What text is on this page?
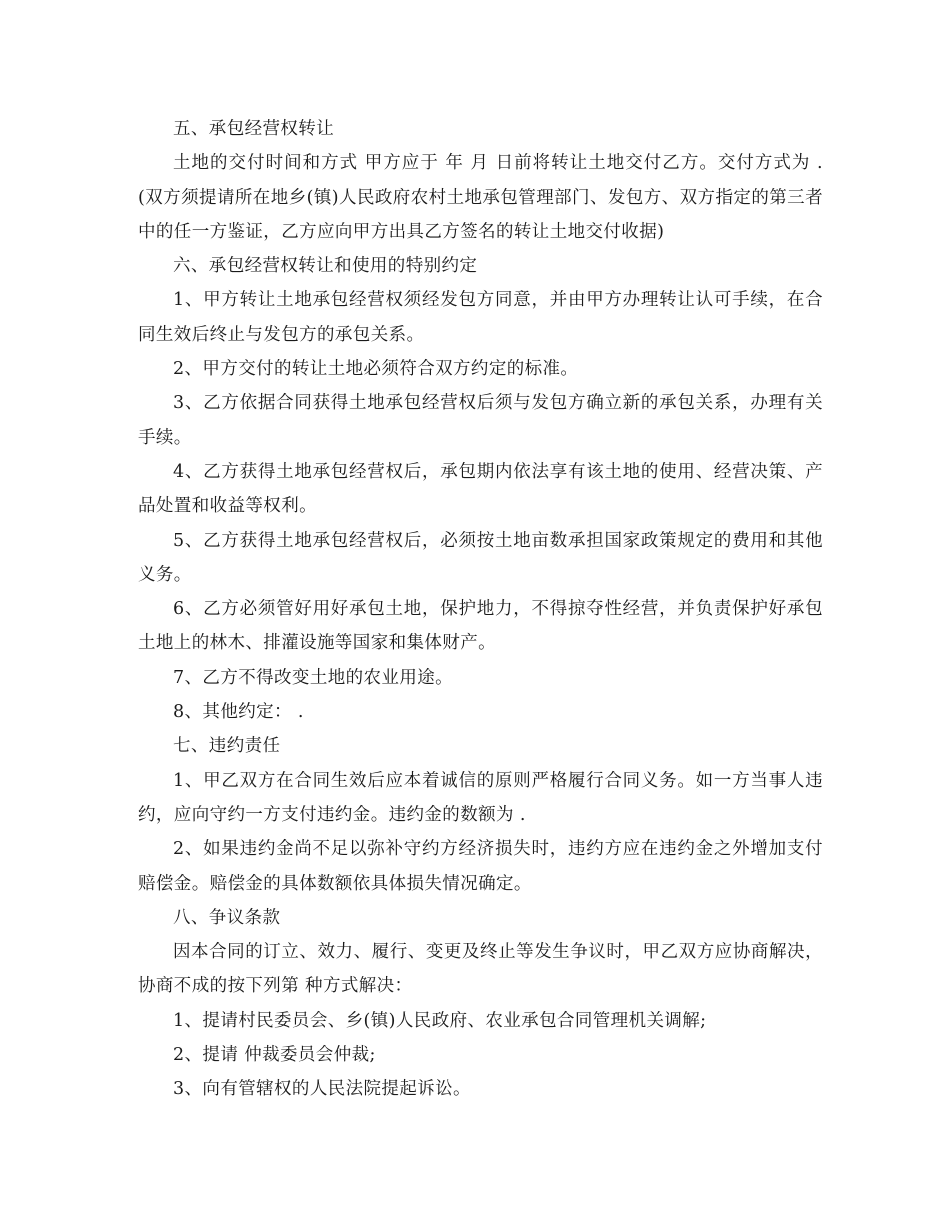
五、承包经营权转让

土地的交付时间和方式 甲方应于 年 月 日前将转让土地交付乙方。交付方式为 .(双方须提请所在地乡(镇)人民政府农村土地承包管理部门、发包方、双方指定的第三者中的任一方鉴证，乙方应向甲方出具乙方签名的转让土地交付收据)

六、承包经营权转让和使用的特别约定

1、甲方转让土地承包经营权须经发包方同意，并由甲方办理转让认可手续，在合同生效后终止与发包方的承包关系。

2、甲方交付的转让土地必须符合双方约定的标准。

3、乙方依据合同获得土地承包经营权后须与发包方确立新的承包关系，办理有关手续。

4、乙方获得土地承包经营权后，承包期内依法享有该土地的使用、经营决策、产品处置和收益等权利。

5、乙方获得土地承包经营权后，必须按土地亩数承担国家政策规定的费用和其他义务。

6、乙方必须管好用好承包土地，保护地力，不得掠夺性经营，并负责保护好承包土地上的林木、排灌设施等国家和集体财产。

7、乙方不得改变土地的农业用途。

8、其他约定： .

七、违约责任

1、甲乙双方在合同生效后应本着诚信的原则严格履行合同义务。如一方当事人违约，应向守约一方支付违约金。违约金的数额为 .

2、如果违约金尚不足以弥补守约方经济损失时，违约方应在违约金之外增加支付赔偿金。赔偿金的具体数额依具体损失情况确定。

八、争议条款

因本合同的订立、效力、履行、变更及终止等发生争议时，甲乙双方应协商解决，协商不成的按下列第 种方式解决：

1、提请村民委员会、乡(镇)人民政府、农业承包合同管理机关调解;

2、提请 仲裁委员会仲裁;

3、向有管辖权的人民法院提起诉讼。
